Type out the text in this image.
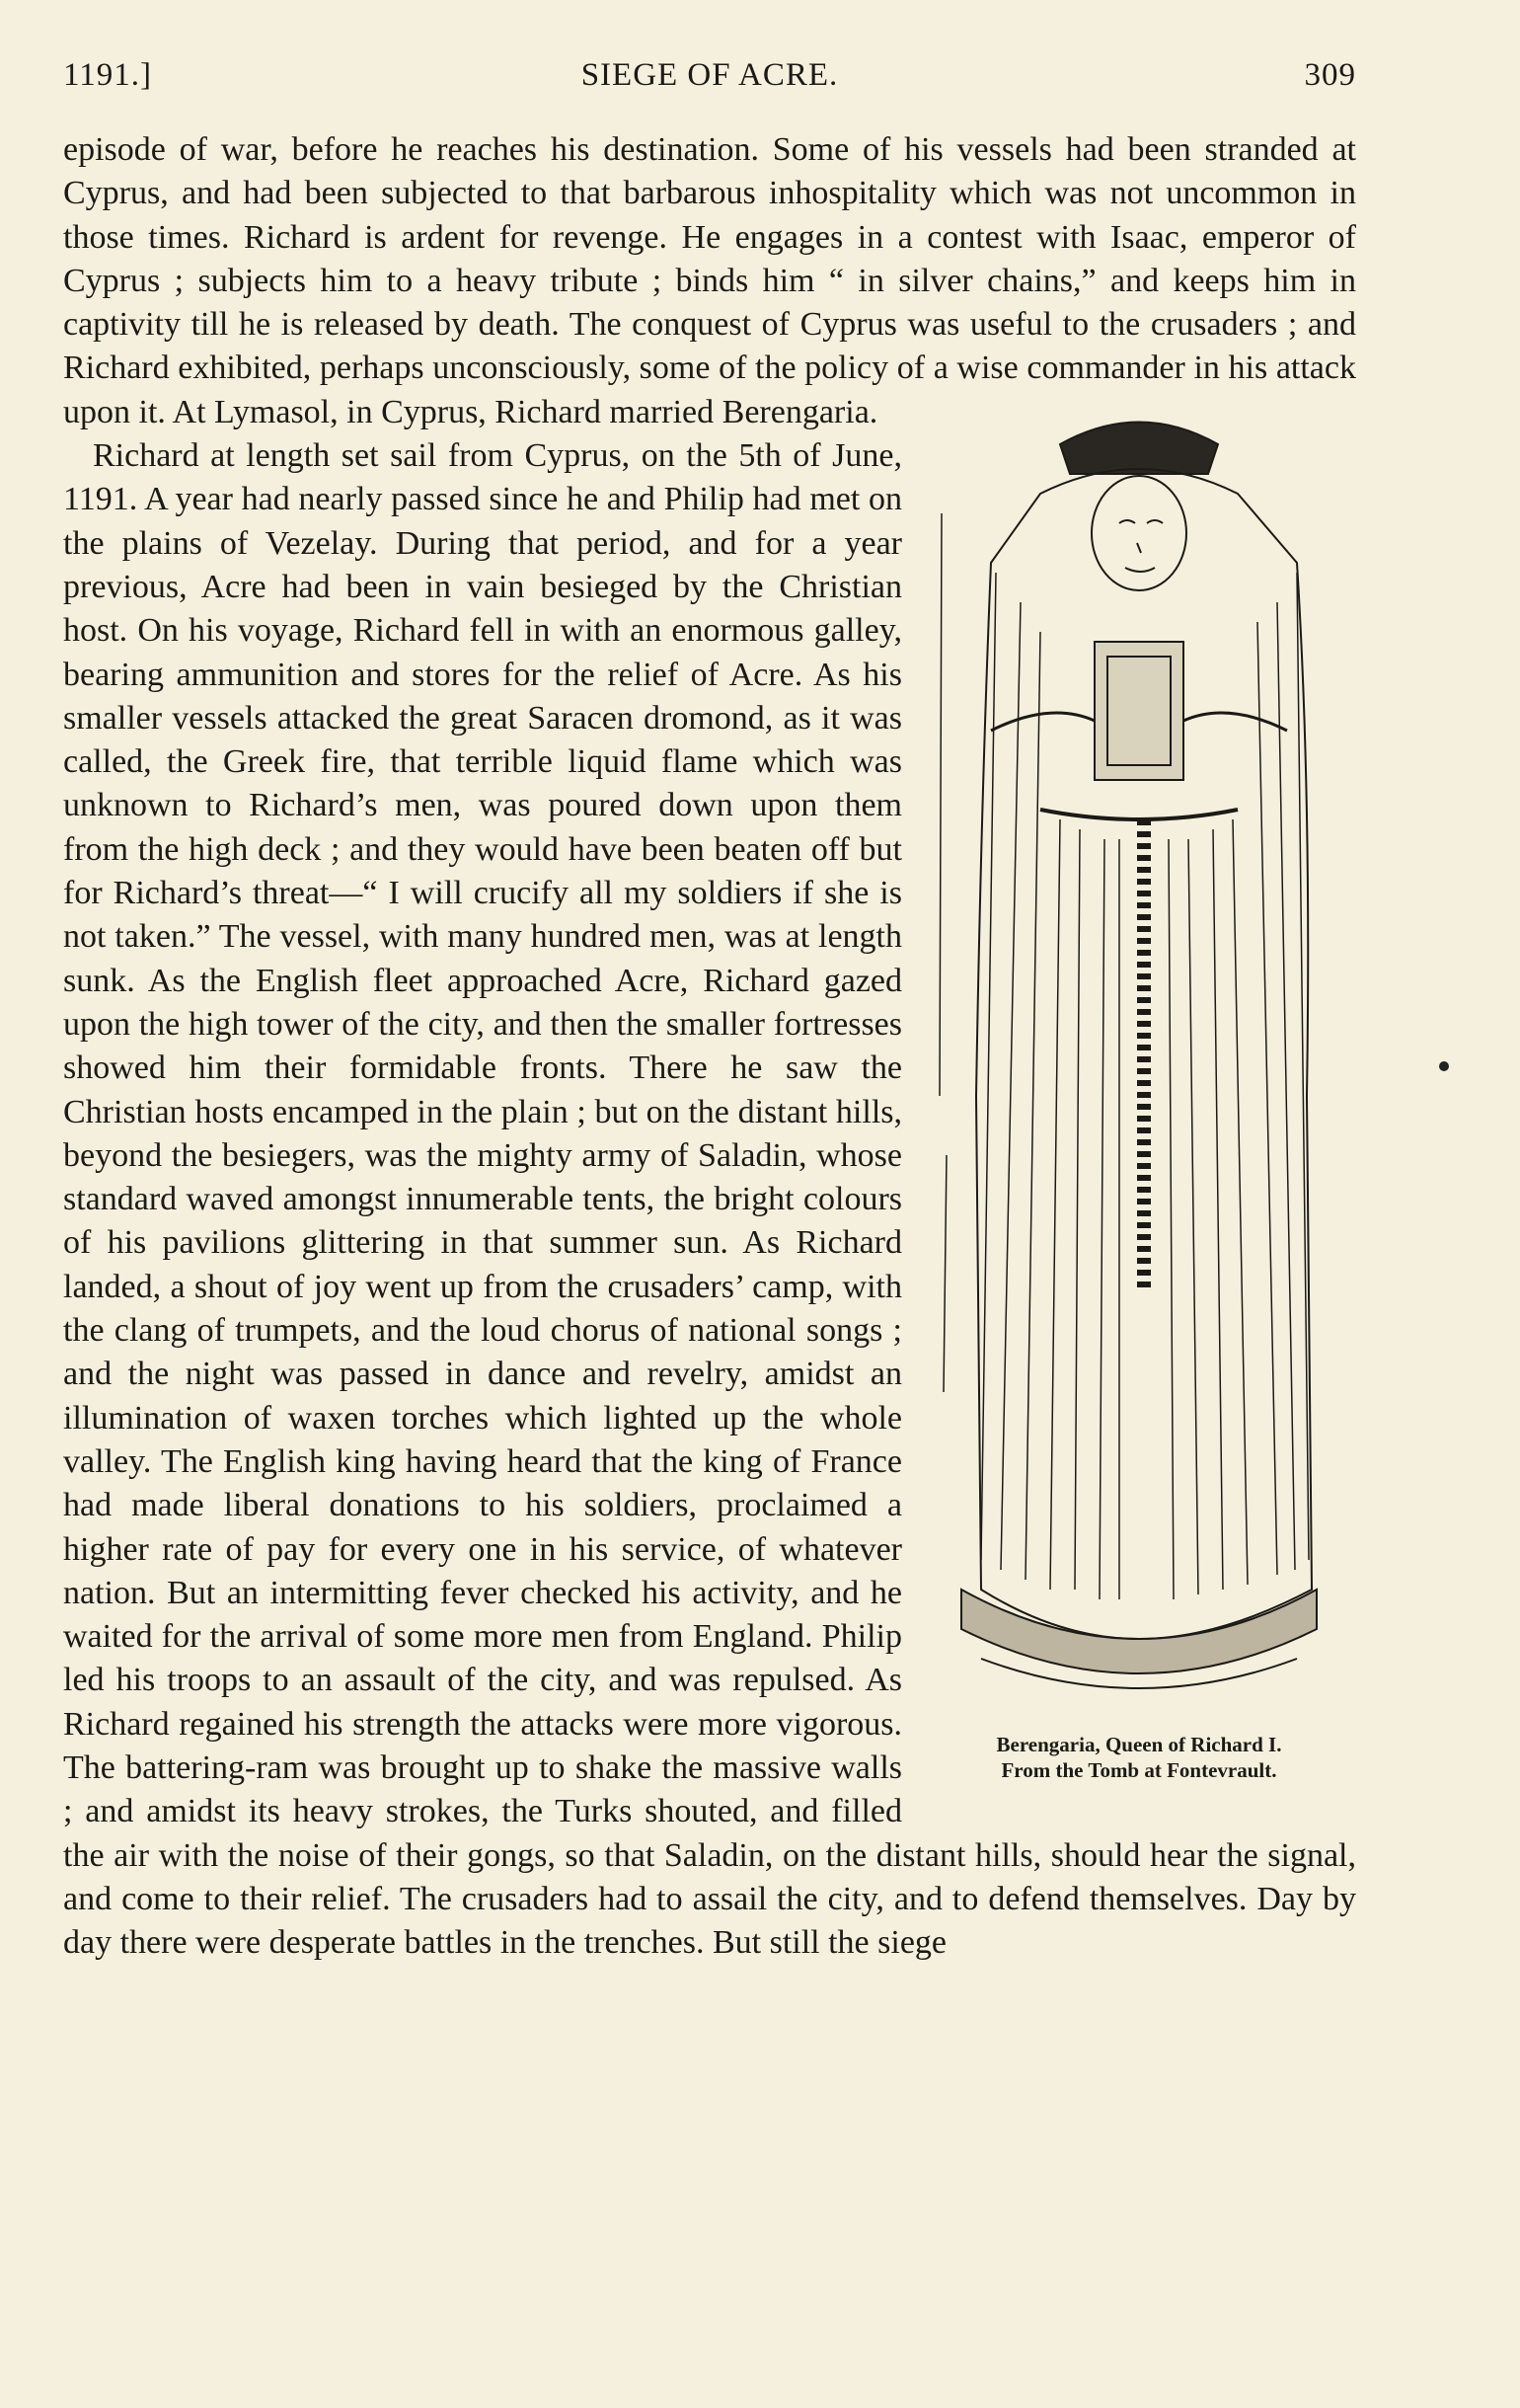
1191.]	SIEGE OF ACRE.	309
Berengaria, Queen of Richard I.
From the Tomb at Fontevrault.

episode of war, before he reaches his destination. Some of his vessels had been stranded at Cyprus, and had been subjected to that barbarous inhospitality which was not uncommon in those times. Richard is ardent for revenge. He engages in a contest with Isaac, emperor of Cyprus ; subjects him to a heavy tribute ; binds him “ in silver chains,” and keeps him in captivity till he is released by death. The conquest of Cyprus was useful to the crusaders ; and Richard exhibited, perhaps unconsciously, some of the policy of a wise commander in his attack upon it. At Lymasol, in Cyprus, Richard married Berengaria.

Richard at length set sail from Cyprus, on the 5th of June, 1191. A year had nearly passed since he and Philip had met on the plains of Vezelay. During that period, and for a year previous, Acre had been in vain besieged by the Christian host. On his voyage, Richard fell in with an enormous galley, bearing ammunition and stores for the relief of Acre. As his smaller vessels attacked the great Saracen dromond, as it was called, the Greek fire, that terrible liquid flame which was unknown to Richard’s men, was poured down upon them from the high deck ; and they would have been beaten off but for Richard’s threat—“ I will crucify all my soldiers if she is not taken.” The vessel, with many hundred men, was at length sunk. As the English fleet approached Acre, Richard gazed upon the high tower of the city, and then the smaller fortresses showed him their formidable fronts. There he saw the Christian hosts encamped in the plain ; but on the distant hills, beyond the besiegers, was the mighty army of Saladin, whose standard waved amongst innumerable tents, the bright colours of his pavilions glittering in that summer sun. As Richard landed, a shout of joy went up from the crusaders’ camp, with the clang of trumpets, and the loud chorus of national songs ; and the night was passed in dance and revelry, amidst an illumination of waxen torches which lighted up the whole valley. The English king having heard that the king of France had made liberal donations to his soldiers, proclaimed a higher rate of pay for every one in his service, of whatever nation. But an intermitting fever checked his activity, and he waited for the arrival of some more men from England. Philip led his troops to an assault of the city, and was repulsed. As Richard regained his strength the attacks were more vigorous. The battering-ram was brought up to shake the massive walls ; and amidst its heavy strokes, the Turks shouted, and filled the air with the noise of their gongs, so that Saladin, on the distant hills, should hear the signal, and come to their relief. The crusaders had to assail the city, and to defend themselves. Day by day there were desperate battles in the trenches. But still the siege
